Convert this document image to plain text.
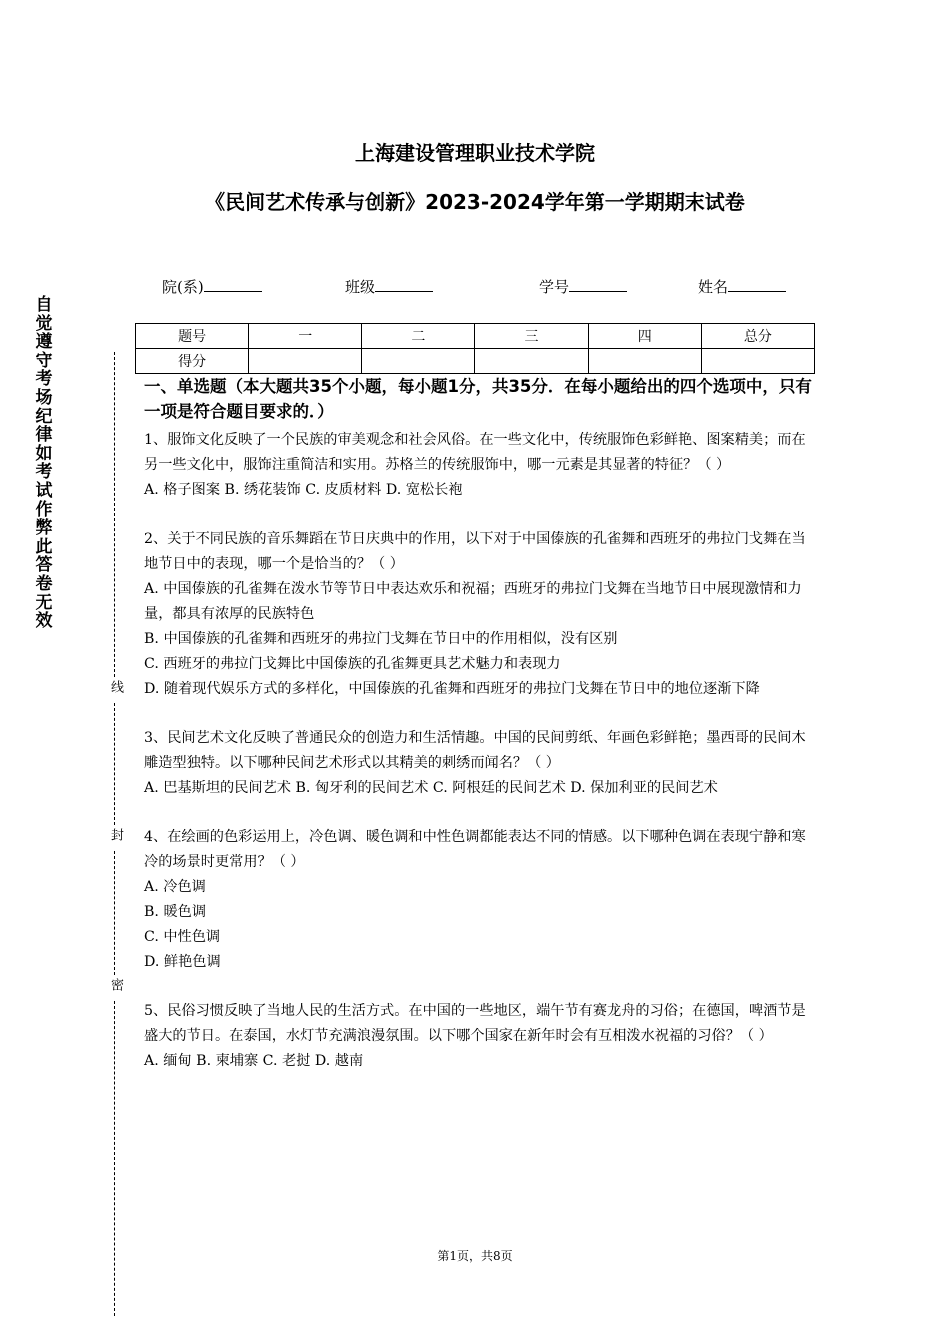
上海建设管理职业技术学院
《民间艺术传承与创新》2023-2024学年第一学期期末试卷
院(系)	班级	学号	姓名
题号	一	二	三	四	总分
得分					
自
觉
遵
守
考
场
纪
律
如
考
试
作
弊
此
答
卷
无
效
线
封
密

一、单选题（本大题共35个小题，每小题1分，共35分．在每小题给出的四个选项中，只有一项是符合题目要求的．）

1、服饰文化反映了一个民族的审美观念和社会风俗。在一些文化中，传统服饰色彩鲜艳、图案精美；而在另一些文化中，服饰注重简洁和实用。苏格兰的传统服饰中，哪一元素是其显著的特征？（ ）

A. 格子图案 B. 绣花装饰 C. 皮质材料 D. 宽松长袍

2、关于不同民族的音乐舞蹈在节日庆典中的作用，以下对于中国傣族的孔雀舞和西班牙的弗拉门戈舞在当地节日中的表现，哪一个是恰当的？（ ）

A. 中国傣族的孔雀舞在泼水节等节日中表达欢乐和祝福；西班牙的弗拉门戈舞在当地节日中展现激情和力量，都具有浓厚的民族特色

B. 中国傣族的孔雀舞和西班牙的弗拉门戈舞在节日中的作用相似，没有区别

C. 西班牙的弗拉门戈舞比中国傣族的孔雀舞更具艺术魅力和表现力

D. 随着现代娱乐方式的多样化，中国傣族的孔雀舞和西班牙的弗拉门戈舞在节日中的地位逐渐下降

3、民间艺术文化反映了普通民众的创造力和生活情趣。中国的民间剪纸、年画色彩鲜艳；墨西哥的民间木雕造型独特。以下哪种民间艺术形式以其精美的刺绣而闻名？（ ）

A. 巴基斯坦的民间艺术 B. 匈牙利的民间艺术 C. 阿根廷的民间艺术 D. 保加利亚的民间艺术

4、在绘画的色彩运用上，冷色调、暖色调和中性色调都能表达不同的情感。以下哪种色调在表现宁静和寒冷的场景时更常用？（ ）

A. 冷色调

B. 暖色调

C. 中性色调

D. 鲜艳色调

5、民俗习惯反映了当地人民的生活方式。在中国的一些地区，端午节有赛龙舟的习俗；在德国，啤酒节是盛大的节日。在泰国，水灯节充满浪漫氛围。以下哪个国家在新年时会有互相泼水祝福的习俗？（ ）

A. 缅甸 B. 柬埔寨 C. 老挝 D. 越南

第1页，共8页
